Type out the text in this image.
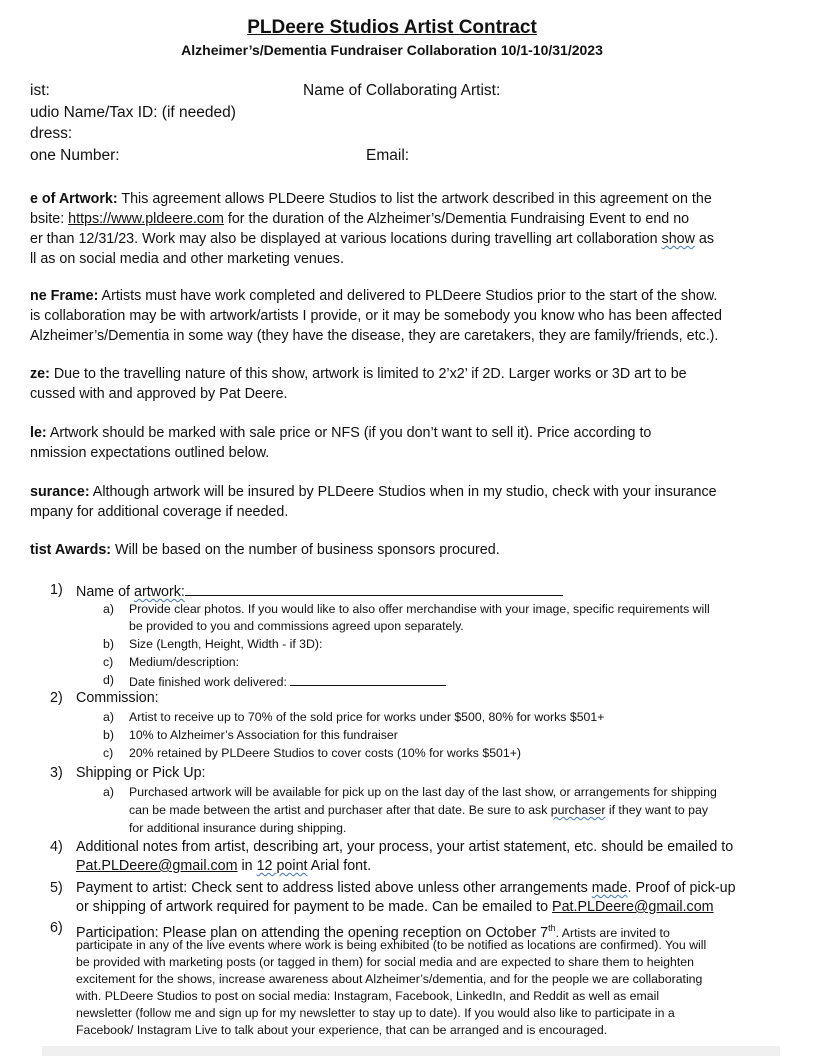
PLDeere Studios Artist Contract
Alzheimer’s/Dementia Fundraiser Collaboration 10/1-10/31/2023
ist:	Name of Collaborating Artist:
udio Name/Tax ID: (if needed)
dress:
one Number:	Email:
e of Artwork: This agreement allows PLDeere Studios to list the artwork described in this agreement on the
bsite: https://www.pldeere.com for the duration of the Alzheimer’s/Dementia Fundraising Event to end no
er than 12/31/23. Work may also be displayed at various locations during travelling art collaboration show as
ll as on social media and other marketing venues.
ne Frame: Artists must have work completed and delivered to PLDeere Studios prior to the start of the show.
is collaboration may be with artwork/artists I provide, or it may be somebody you know who has been affected
Alzheimer’s/Dementia in some way (they have the disease, they are caretakers, they are family/friends, etc.).
ze: Due to the travelling nature of this show, artwork is limited to 2’x2’ if 2D. Larger works or 3D art to be
cussed with and approved by Pat Deere.
le: Artwork should be marked with sale price or NFS (if you don’t want to sell it). Price according to
nmission expectations outlined below.
surance: Although artwork will be insured by PLDeere Studios when in my studio, check with your insurance
mpany for additional coverage if needed.
tist Awards: Will be based on the number of business sponsors procured.
1) Name of artwork:
a) Provide clear photos. If you would like to also offer merchandise with your image, specific requirements will
be provided to you and commissions agreed upon separately.
b) Size (Length, Height, Width - if 3D):
c) Medium/description:
d) Date finished work delivered:
2) Commission:
a) Artist to receive up to 70% of the sold price for works under $500, 80% for works $501+
b) 10% to Alzheimer’s Association for this fundraiser
c) 20% retained by PLDeere Studios to cover costs (10% for works $501+)
3) Shipping or Pick Up:
a) Purchased artwork will be available for pick up on the last day of the last show, or arrangements for shipping
can be made between the artist and purchaser after that date. Be sure to ask purchaser if they want to pay
for additional insurance during shipping.
4) Additional notes from artist, describing art, your process, your artist statement, etc. should be emailed to
Pat.PLDeere@gmail.com in 12 point Arial font.
5) Payment to artist: Check sent to address listed above unless other arrangements made. Proof of pick-up
or shipping of artwork required for payment to be made. Can be emailed to Pat.PLDeere@gmail.com
6) Participation: Please plan on attending the opening reception on October 7th. Artists are invited to
participate in any of the live events where work is being exhibited (to be notified as locations are confirmed). You will
be provided with marketing posts (or tagged in them) for social media and are expected to share them to heighten
excitement for the shows, increase awareness about Alzheimer’s/dementia, and for the people we are collaborating
with. PLDeere Studios to post on social media: Instagram, Facebook, LinkedIn, and Reddit as well as email
newsletter (follow me and sign up for my newsletter to stay up to date). If you would also like to participate in a
Facebook/ Instagram Live to talk about your experience, that can be arranged and is encouraged.
